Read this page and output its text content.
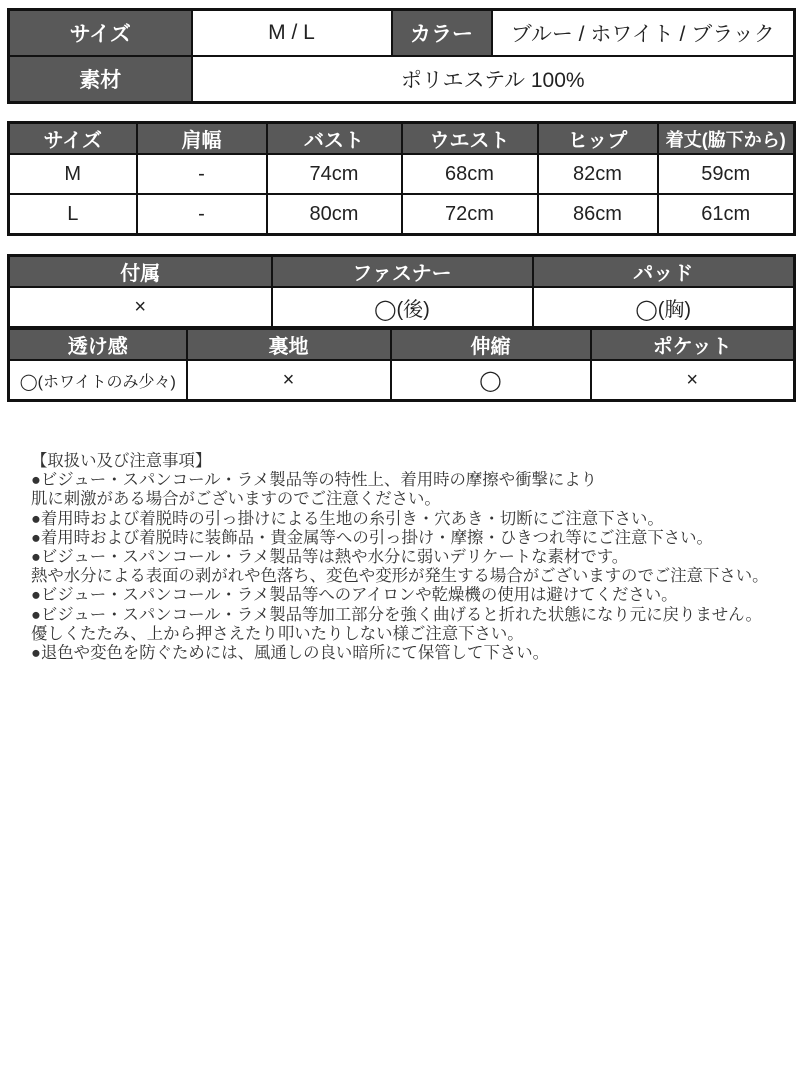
サイズ	M / L	カラー	ブルー / ホワイト / ブラック
素材	ポリエステル 100%		
サイズ	肩幅	バスト	ウエスト	ヒップ	着丈(脇下から)
M	-	74cm	68cm	82cm	59cm
L	-	80cm	72cm	86cm	61cm
付属	ファスナー	パッド
×	◯(後)	◯(胸)
透け感	裏地	伸縮	ポケット
◯(ホワイトのみ少々)	×	◯	×
【取扱い及び注意事項】
●ビジュー・スパンコール・ラメ製品等の特性上、着用時の摩擦や衝撃により
肌に刺激がある場合がございますのでご注意ください。
●着用時および着脱時の引っ掛けによる生地の糸引き・穴あき・切断にご注意下さい。
●着用時および着脱時に装飾品・貴金属等への引っ掛け・摩擦・ひきつれ等にご注意下さい。
●ビジュー・スパンコール・ラメ製品等は熱や水分に弱いデリケートな素材です。
熱や水分による表面の剥がれや色落ち、変色や変形が発生する場合がございますのでご注意下さい。
●ビジュー・スパンコール・ラメ製品等へのアイロンや乾燥機の使用は避けてください。
●ビジュー・スパンコール・ラメ製品等加工部分を強く曲げると折れた状態になり元に戻りません。
優しくたたみ、上から押さえたり叩いたりしない様ご注意下さい。
●退色や変色を防ぐためには、風通しの良い暗所にて保管して下さい。
